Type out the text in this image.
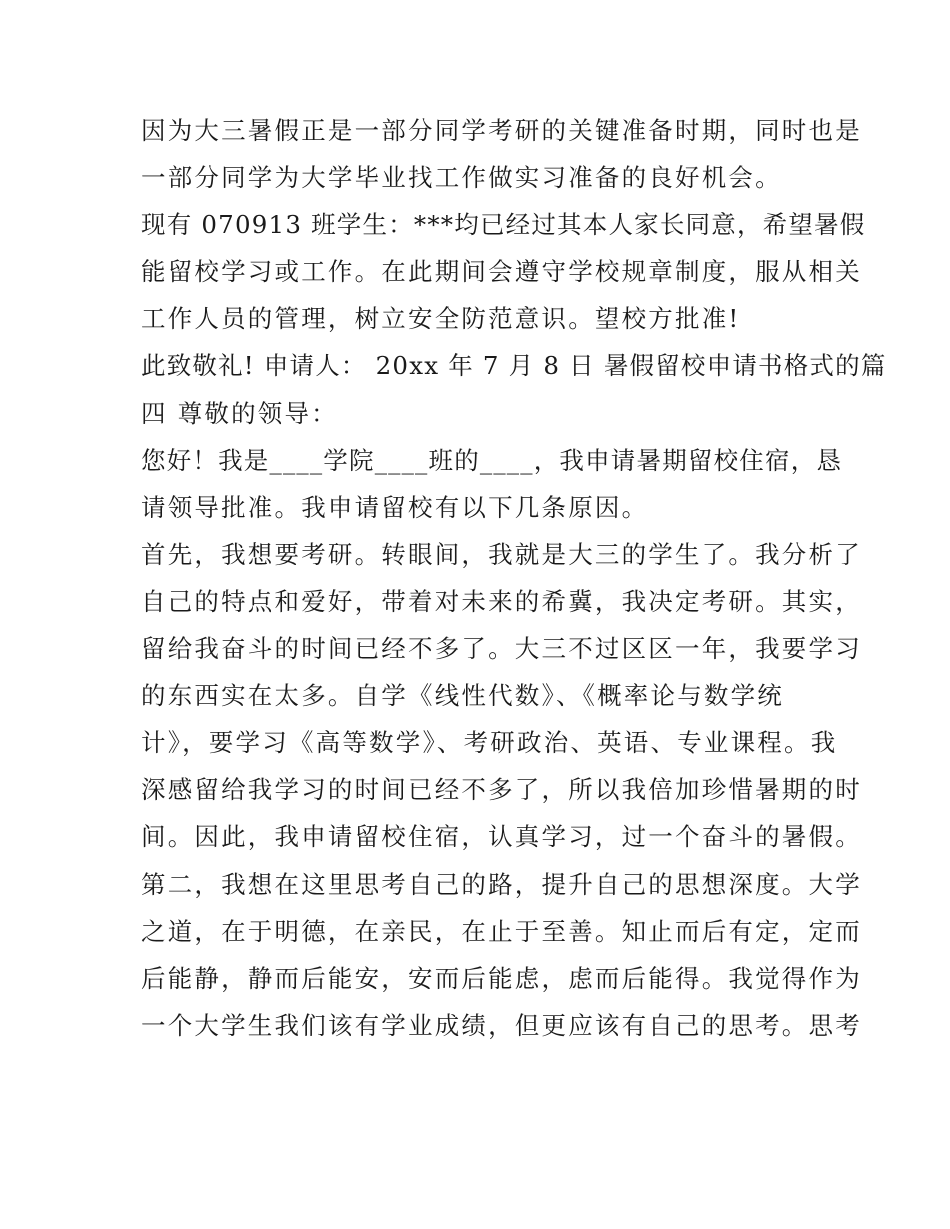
因为大三暑假正是一部分同学考研的关键准备时期，同时也是
一部分同学为大学毕业找工作做实习准备的良好机会。
现有 070913 班学生：***均已经过其本人家长同意，希望暑假
能留校学习或工作。在此期间会遵守学校规章制度，服从相关
工作人员的管理，树立安全防范意识。望校方批准!
此致敬礼! 申请人： 20xx 年 7 月 8 日 暑假留校申请书格式的篇
四 尊敬的领导：
您好！我是____学院____班的____，我申请暑期留校住宿，恳
请领导批准。我申请留校有以下几条原因。
首先，我想要考研。转眼间，我就是大三的学生了。我分析了
自己的特点和爱好，带着对未来的希冀，我决定考研。其实，
留给我奋斗的时间已经不多了。大三不过区区一年，我要学习
的东西实在太多。自学《线性代数》、《概率论与数学统
计》，要学习《高等数学》、考研政治、英语、专业课程。我
深感留给我学习的时间已经不多了，所以我倍加珍惜暑期的时
间。因此，我申请留校住宿，认真学习，过一个奋斗的暑假。
第二，我想在这里思考自己的路，提升自己的思想深度。大学
之道，在于明德，在亲民，在止于至善。知止而后有定，定而
后能静，静而后能安，安而后能虑，虑而后能得。我觉得作为
一个大学生我们该有学业成绩，但更应该有自己的思考。思考
